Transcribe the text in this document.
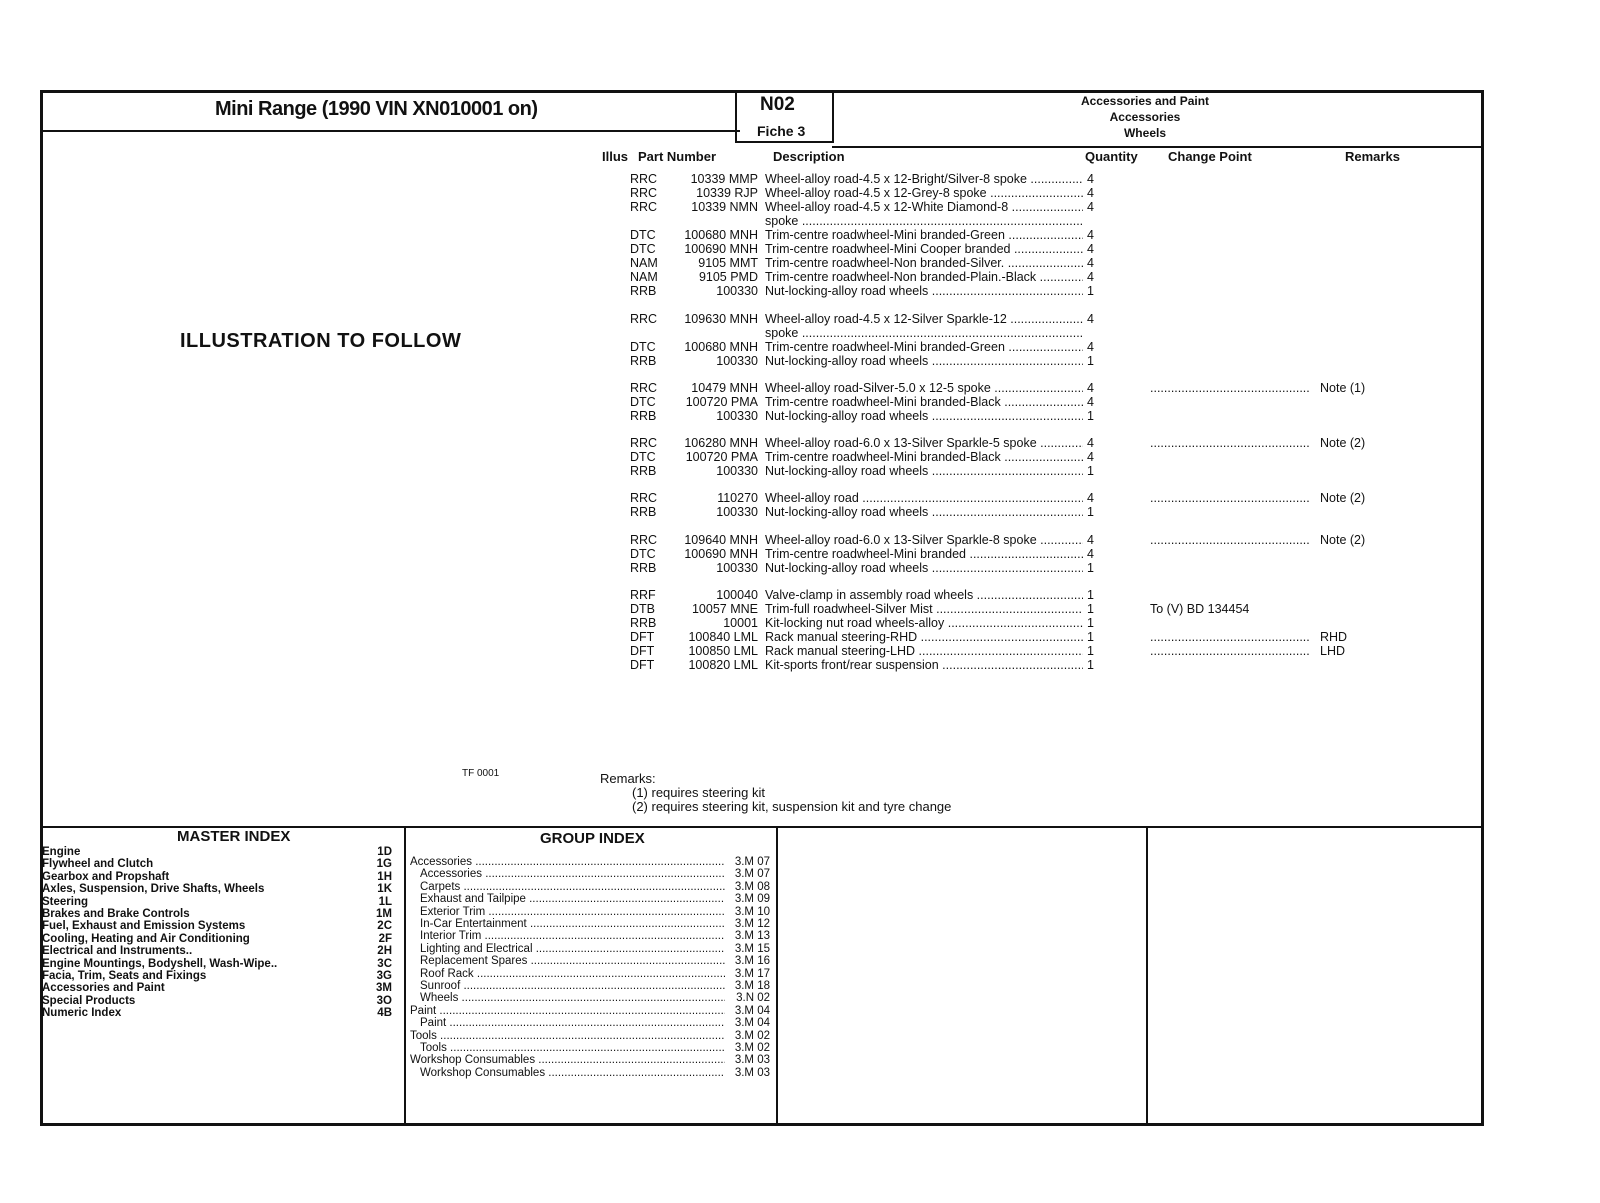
Mini Range (1990 VIN XN010001 on)	N02
Fiche 3
Accessories and Paint
Accessories
Wheels
Illus Part Number	Description	Quantity Change Point	Remarks
ILLUSTRATION TO FOLLOW
RRC	10339 MMP Wheel-alloy road-4.5 x 12-Bright/Silver-8 spoke .....	4
RRC	10339 RJP Wheel-alloy road-4.5 x 12-Grey-8 spoke .....	4
RRC	10339 NMN Wheel-alloy road-4.5 x 12-White Diamond-8 .....	4
spoke .....
DTC	100680 MNH Trim-centre roadwheel-Mini branded-Green .....	4
DTC	100690 MNH Trim-centre roadwheel-Mini Cooper branded .....	4
NAM	9105 MMT Trim-centre roadwheel-Non branded-Silver. .....	4
NAM	9105 PMD Trim-centre roadwheel-Non branded-Plain.-Black .....	4
RRB	100330 Nut-locking-alloy road wheels .....	1
RRC	109630 MNH Wheel-alloy road-4.5 x 12-Silver Sparkle-12 .....	4
spoke .....
DTC	100680 MNH Trim-centre roadwheel-Mini branded-Green .....	4
RRB	100330 Nut-locking-alloy road wheels .....	1
RRC	10479 MNH Wheel-alloy road-Silver-5.0 x 12-5 spoke .....	4	.............................................. Note (1)
DTC	100720 PMA Trim-centre roadwheel-Mini branded-Black .....	4
RRB	100330 Nut-locking-alloy road wheels .....	1
RRC	106280 MNH Wheel-alloy road-6.0 x 13-Silver Sparkle-5 spoke .....	4	.............................................. Note (2)
DTC	100720 PMA Trim-centre roadwheel-Mini branded-Black .....	4
RRB	100330 Nut-locking-alloy road wheels .....	1
RRC	110270 Wheel-alloy road .....	4	.............................................. Note (2)
RRB	100330 Nut-locking-alloy road wheels .....	1
RRC	109640 MNH Wheel-alloy road-6.0 x 13-Silver Sparkle-8 spoke .....	4	.............................................. Note (2)
DTC	100690 MNH Trim-centre roadwheel-Mini branded .....	4
RRB	100330 Nut-locking-alloy road wheels .....	1
RRF	100040 Valve-clamp in assembly road wheels .....	1
DTB	10057 MNE Trim-full roadwheel-Silver Mist .....	1	To (V) BD 134454
RRB	10001 Kit-locking nut road wheels-alloy .....	1
DFT	100840 LML Rack manual steering-RHD .....	1	.............................................. RHD
DFT	100850 LML Rack manual steering-LHD .....	1	.............................................. LHD
DFT	100820 LML Kit-sports front/rear suspension .....	1
TF 0001	Remarks:
(1) requires steering kit
(2) requires steering kit, suspension kit and tyre change
MASTER INDEX
Engine	1D
Flywheel and Clutch	1G
Gearbox and Propshaft	1H
Axles, Suspension, Drive Shafts, Wheels	1K
Steering	1L
Brakes and Brake Controls	1M
Fuel, Exhaust and Emission Systems	2C
Cooling, Heating and Air Conditioning	2F
Electrical and Instruments..	2H
Engine Mountings, Bodyshell, Wash-Wipe..	3C
Facia, Trim, Seats and Fixings	3G
Accessories and Paint	3M
Special Products	3O
Numeric Index	4B
GROUP INDEX
Accessories .....	3.M 07
Accessories .....	3.M 07
Carpets .....	3.M 08
Exhaust and Tailpipe .....	3.M 09
Exterior Trim .....	3.M 10
In-Car Entertainment .....	3.M 12
Interior Trim .....	3.M 13
Lighting and Electrical .....	3.M 15
Replacement Spares .....	3.M 16
Roof Rack .....	3.M 17
Sunroof .....	3.M 18
Wheels .....	3.N 02
Paint .....	3.M 04
Paint .....	3.M 04
Tools .....	3.M 02
Tools .....	3.M 02
Workshop Consumables .....	3.M 03
Workshop Consumables .....	3.M 03
